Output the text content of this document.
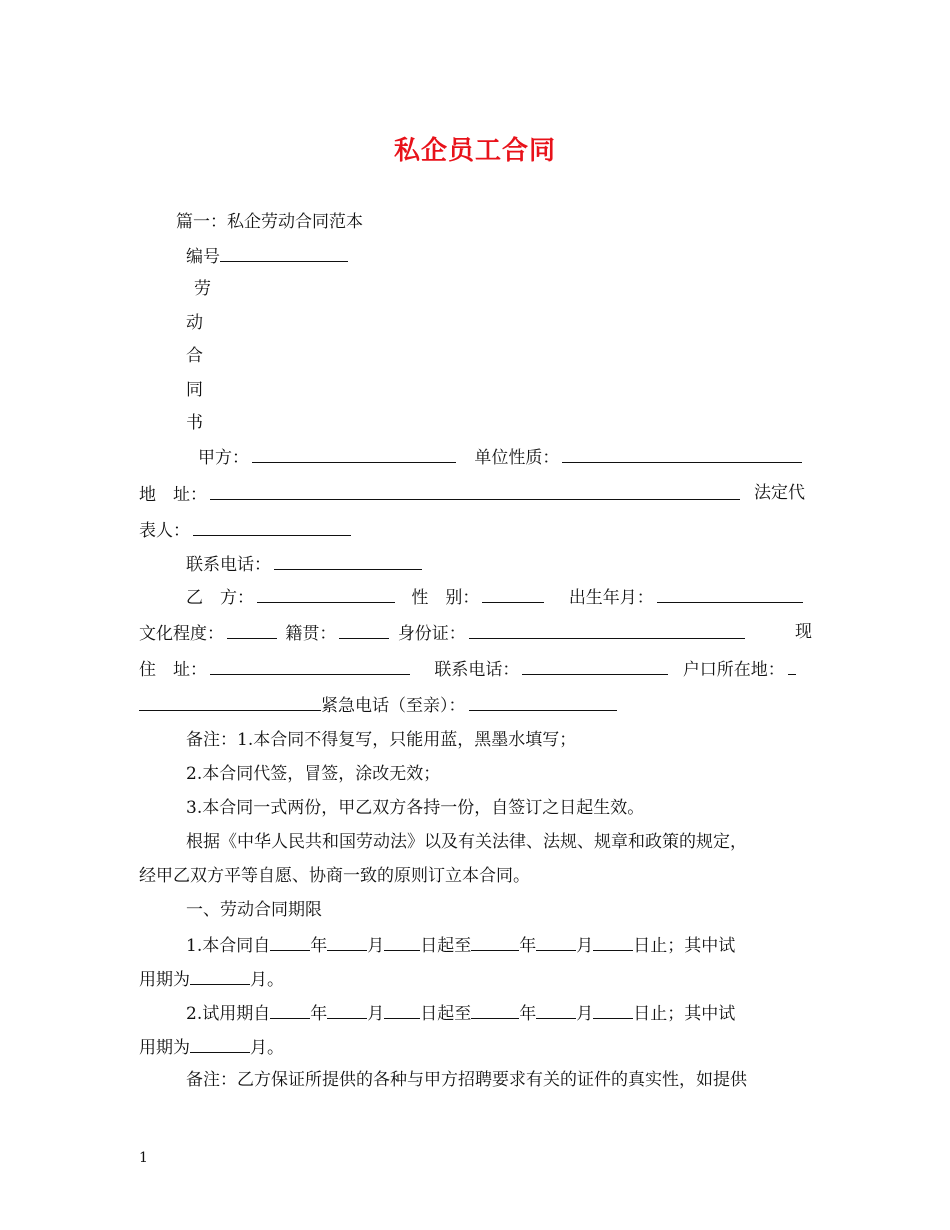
私企员工合同
篇一：私企劳动合同范本
编号
劳
动
合
同
书
甲方：	单位性质：
地　址：	法定代
表人：
联系电话：
乙　方：	性　别：	出生年月：
文化程度：	籍贯：	身份证：	现
住　址：	联系电话：	户口所在地：
紧急电话（至亲）：
备注：1.本合同不得复写，只能用蓝，黑墨水填写；
2.本合同代签，冒签，涂改无效；
3.本合同一式两份，甲乙双方各持一份，自签订之日起生效。
根据《中华人民共和国劳动法》以及有关法律、法规、规章和政策的规定，
经甲乙双方平等自愿、协商一致的原则订立本合同。
一、劳动合同期限
1.本合同自 年 月 日起至	年 月 日止；其中试
用期为	月。
2.试用期自 年 月 日起至	年 月 日止；其中试
用期为	月。
备注：乙方保证所提供的各种与甲方招聘要求有关的证件的真实性，如提供
1
